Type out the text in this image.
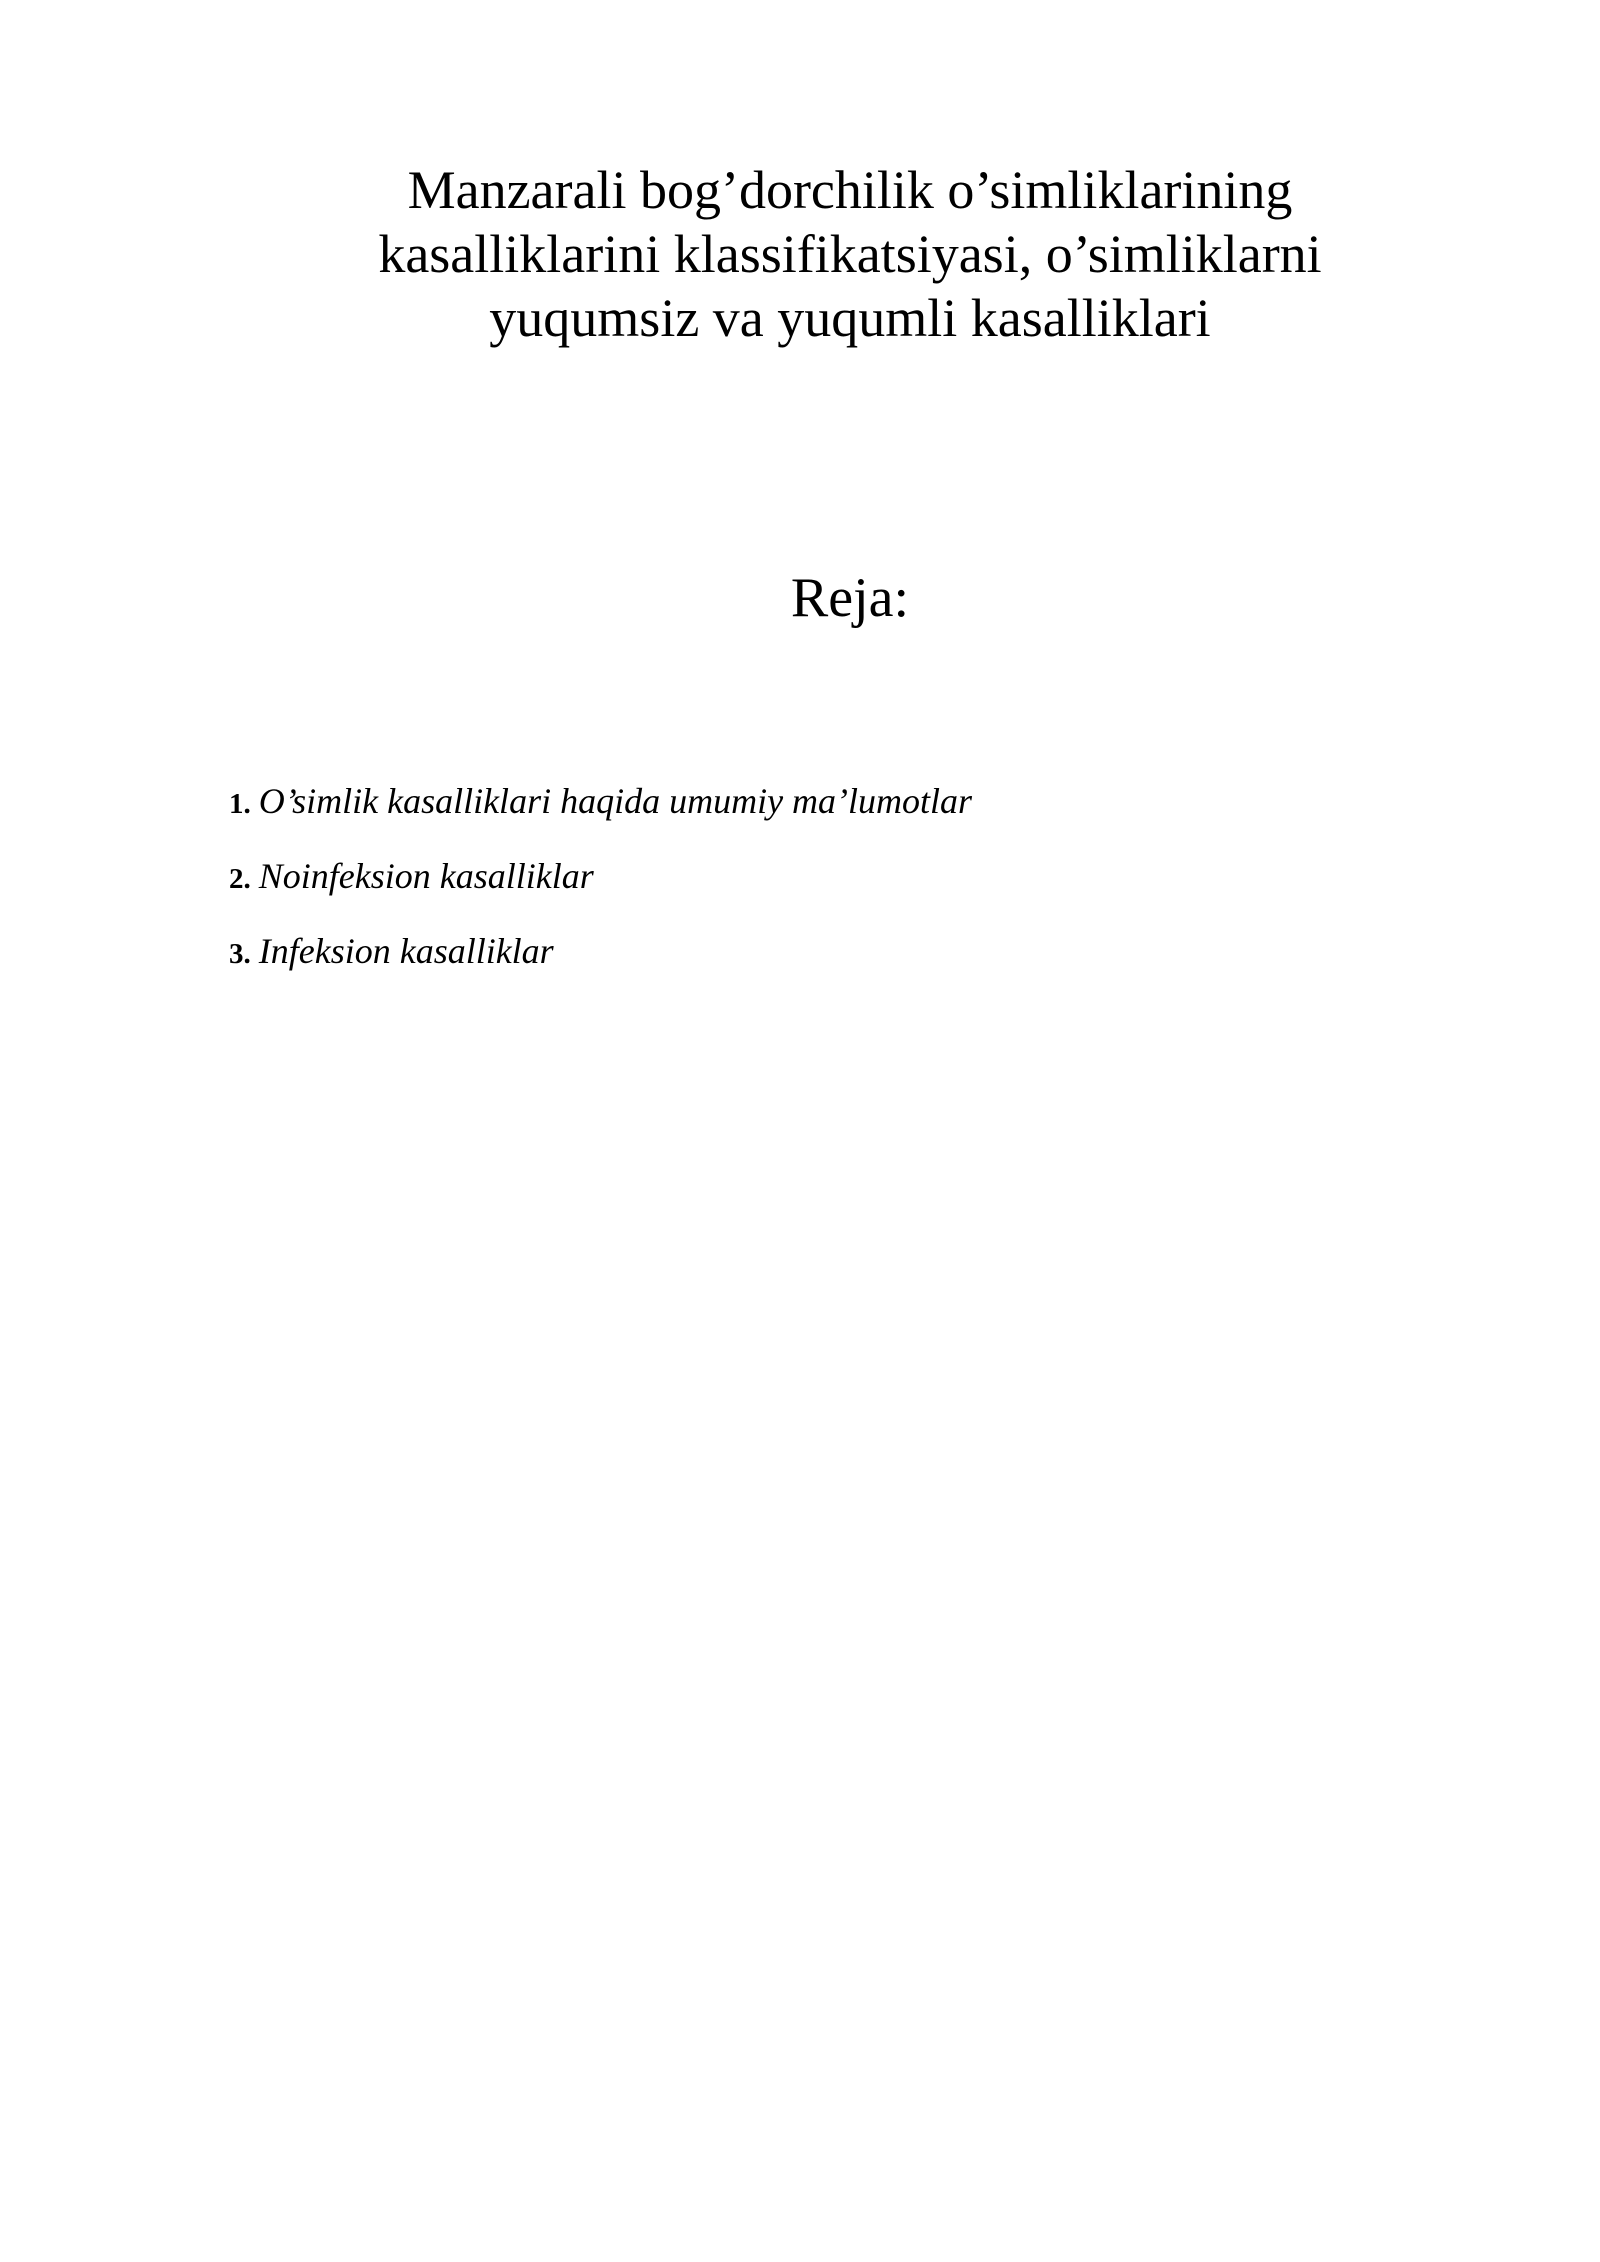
Manzarali bog’dorchilik o’simliklarining
kasalliklarini klassifikatsiyasi, o’simliklarni
yuqumsiz va yuqumli kasalliklari
Reja:
1. O’simlik kasalliklari haqida umumiy ma’lumotlar
2. Noinfeksion kasalliklar
3. Infeksion kasalliklar
